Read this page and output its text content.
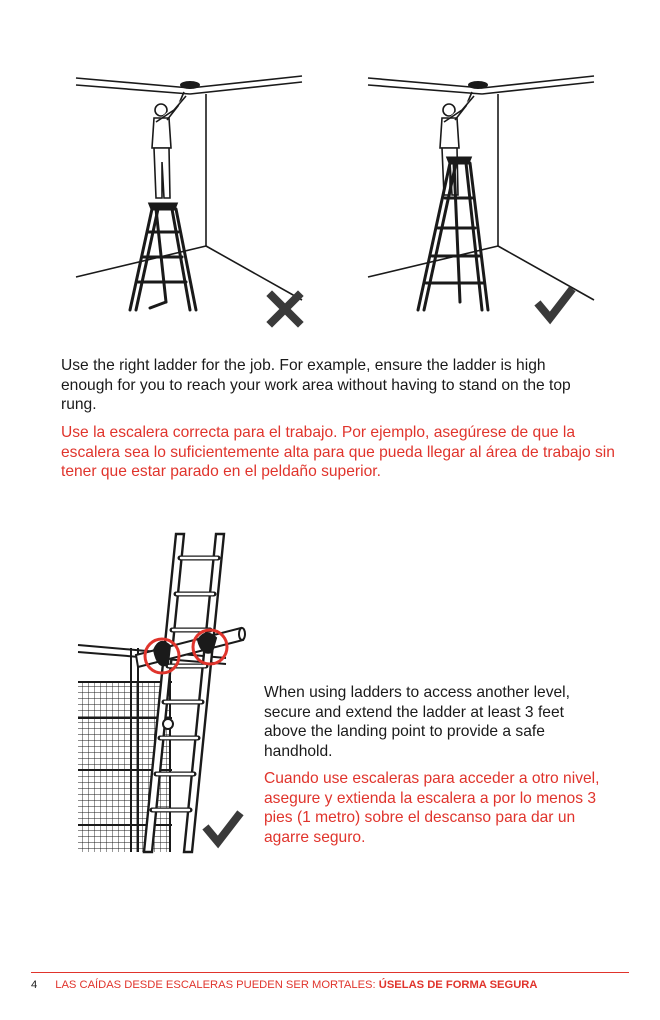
Use the right ladder for the job. For example, ensure the ladder is high enough for you to reach your work area without having to stand on the top rung.

Use la escalera correcta para el trabajo. Por ejemplo, asegúrese de que la escalera sea lo suficientemente alta para que pueda llegar al área de trabajo sin tener que estar parado en el peldaño superior.

When using ladders to access another level, secure and extend the ladder at least 3 feet above the landing point to provide a safe handhold.

Cuando use escaleras para acceder a otro nivel, asegure y extienda la escalera a por lo menos 3 pies (1 metro) sobre el descanso para dar un agarre seguro.

4 LAS CAÍDAS DESDE ESCALERAS PUEDEN SER MORTALES: ÚSELAS DE FORMA SEGURA
